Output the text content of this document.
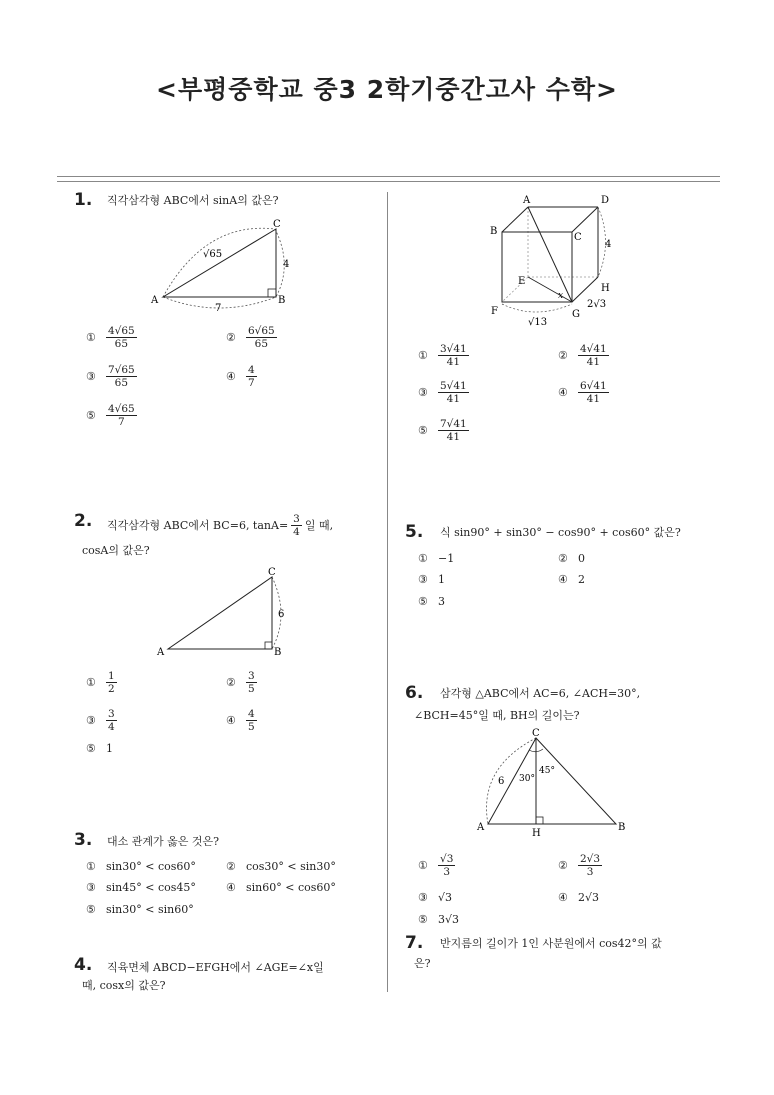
<부평중학교 중3 2학기중간고사 수학>
1. 직각삼각형 ABC에서 sinA의 값은?
A	B
C
√65
4
7
① $\frac{4√65}{65}$	② $\frac{6√65}{65}$
③ $\frac{7√65}{65}$	④ $\frac{4}{7}$
⑤ $\frac{4√65}{7}$
2. 직각삼각형 ABC에서 BC=6, $\tan A= \frac{3}{4}$ 일 때,
cosA의 값은?
A	B
C
6
① $\frac{1}{2}$	② $\frac{3}{5}$
③ $\frac{3}{4}$	④ $\frac{4}{5}$
⑤ 1
3. 대소 관계가 옳은 것은?
① sin30° < cos60°	② cos30° < sin30°
③ sin45° < cos45°	④ sin60° < cos60°
⑤ sin30° < sin60°
4. 직육면체 ABCD−EFGH에서 ∠AGE=∠x일
때, cosx의 값은?
A	D
B
C
E
H
F	G
x
4
2√3
√13
① $\frac{3√41}{41}$	② $\frac{4√41}{41}$
③ $\frac{5√41}{41}$	④ $\frac{6√41}{41}$
⑤ $\frac{7√41}{41}$
5. 식 sin90° + sin30° − cos90° + cos60° 값은?
① −1	② 0
③ 1	④ 2
⑤ 3
6. 삼각형 △ABC에서 AC=6, ∠ACH=30°,
∠BCH=45°일 때, BH의 길이는?
C
A	B
H
30°
45°
6
① $\frac{√3}{3}$	② $\frac{2√3}{3}$
③ √3	④ 2√3
⑤ 3√3
7. 반지름의 길이가 1인 사분원에서 cos42°의 값
은?
